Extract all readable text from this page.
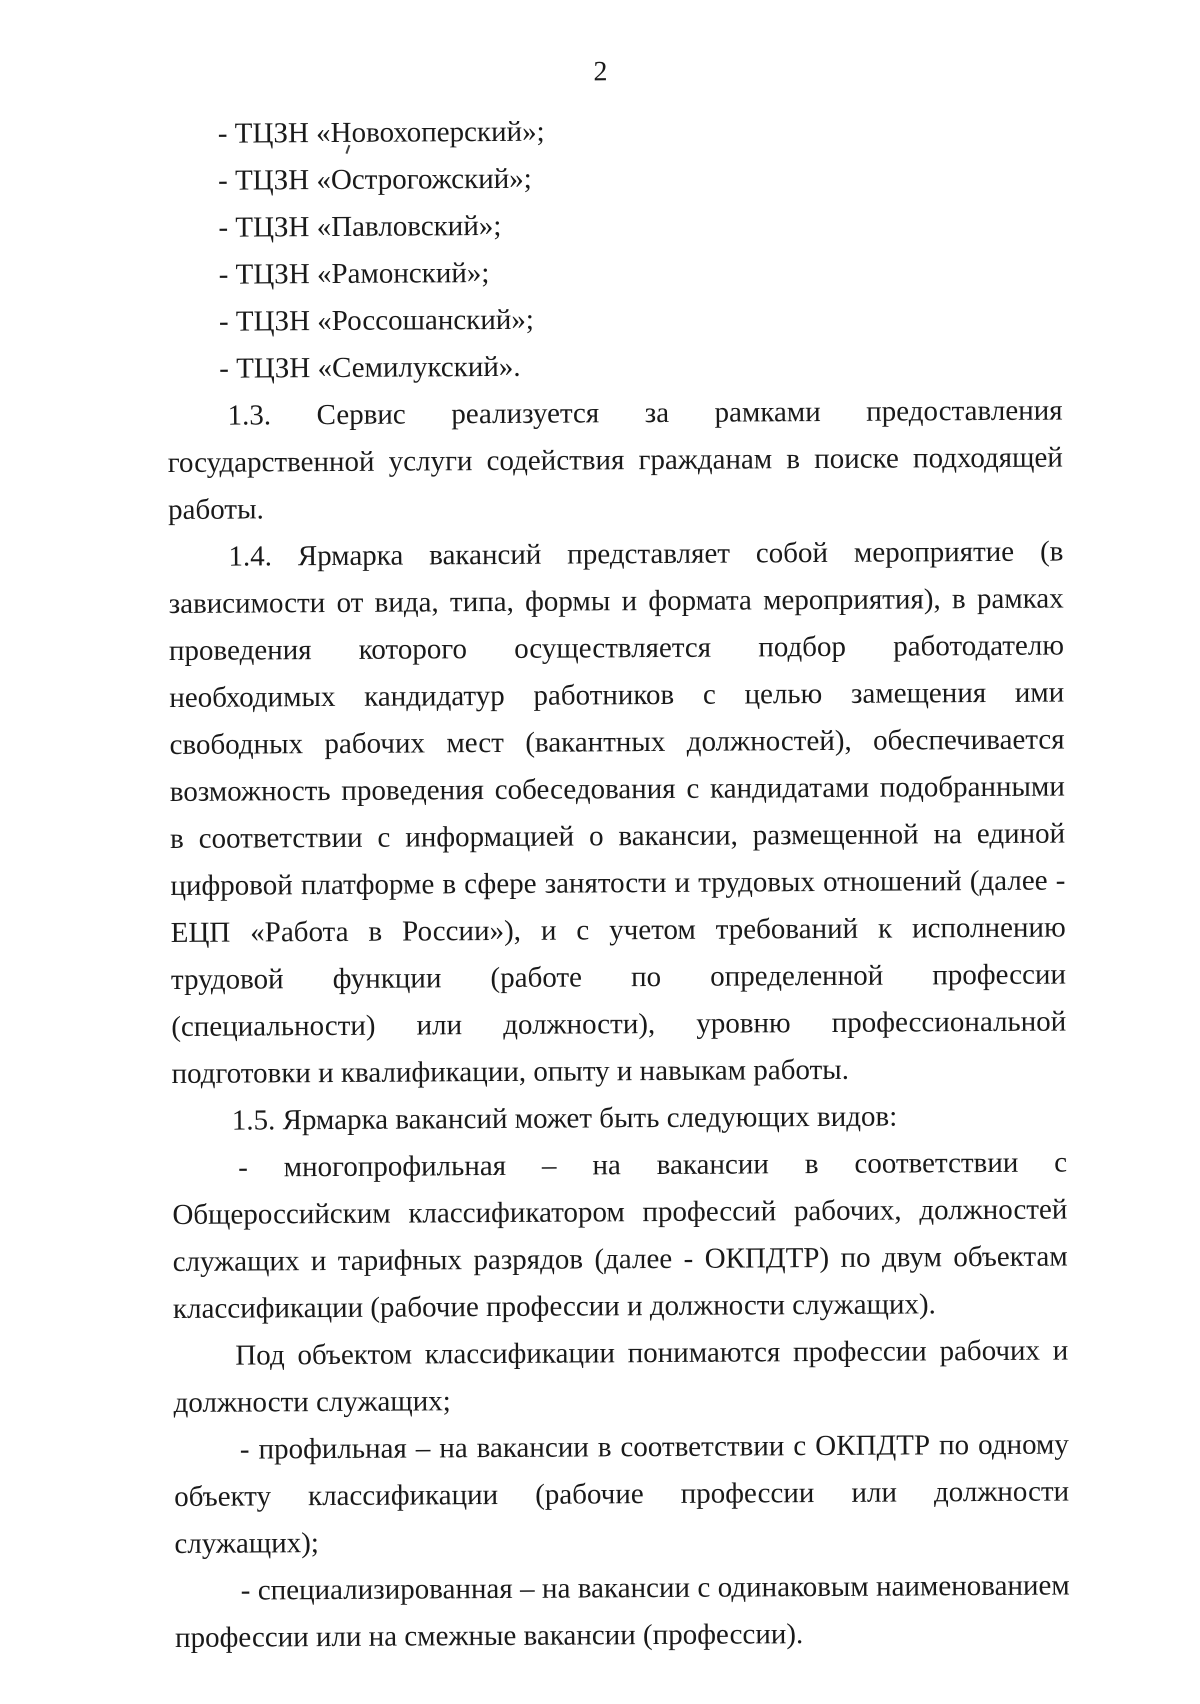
2

- ТЦЗН «Новохоперский»;

- ТЦЗН «Острогожский»;

- ТЦЗН «Павловский»;

- ТЦЗН «Рамонский»;

- ТЦЗН «Россошанский»;

- ТЦЗН «Семилукский».

1.3. Сервис реализуется за рамками предоставления государственной услуги содействия гражданам в поиске подходящей работы.

1.4. Ярмарка вакансий представляет собой мероприятие (в зависимости от вида, типа, формы и формата мероприятия), в рамках проведения которого осуществляется подбор работодателю необходимых кандидатур работников с целью замещения ими свободных рабочих мест (вакантных должностей), обеспечивается возможность проведения собеседования с кандидатами подобранными в соответствии с информацией о вакансии, размещенной на единой цифровой платформе в сфере занятости и трудовых отношений (далее - ЕЦП «Работа в России»), и с учетом требований к исполнению трудовой функции (работе по определенной профессии (специальности) или должности), уровню профессиональной подготовки и квалификации, опыту и навыкам работы.

1.5. Ярмарка вакансий может быть следующих видов:

- многопрофильная – на вакансии в соответствии с Общероссийским классификатором профессий рабочих, должностей служащих и тарифных разрядов (далее - ОКПДТР) по двум объектам классификации (рабочие профессии и должности служащих).

Под объектом классификации понимаются профессии рабочих и должности служащих;

- профильная – на вакансии в соответствии с ОКПДТР по одному объекту классификации (рабочие профессии или должности служащих);

- специализированная – на вакансии с одинаковым наименованием профессии или на смежные вакансии (профессии).
